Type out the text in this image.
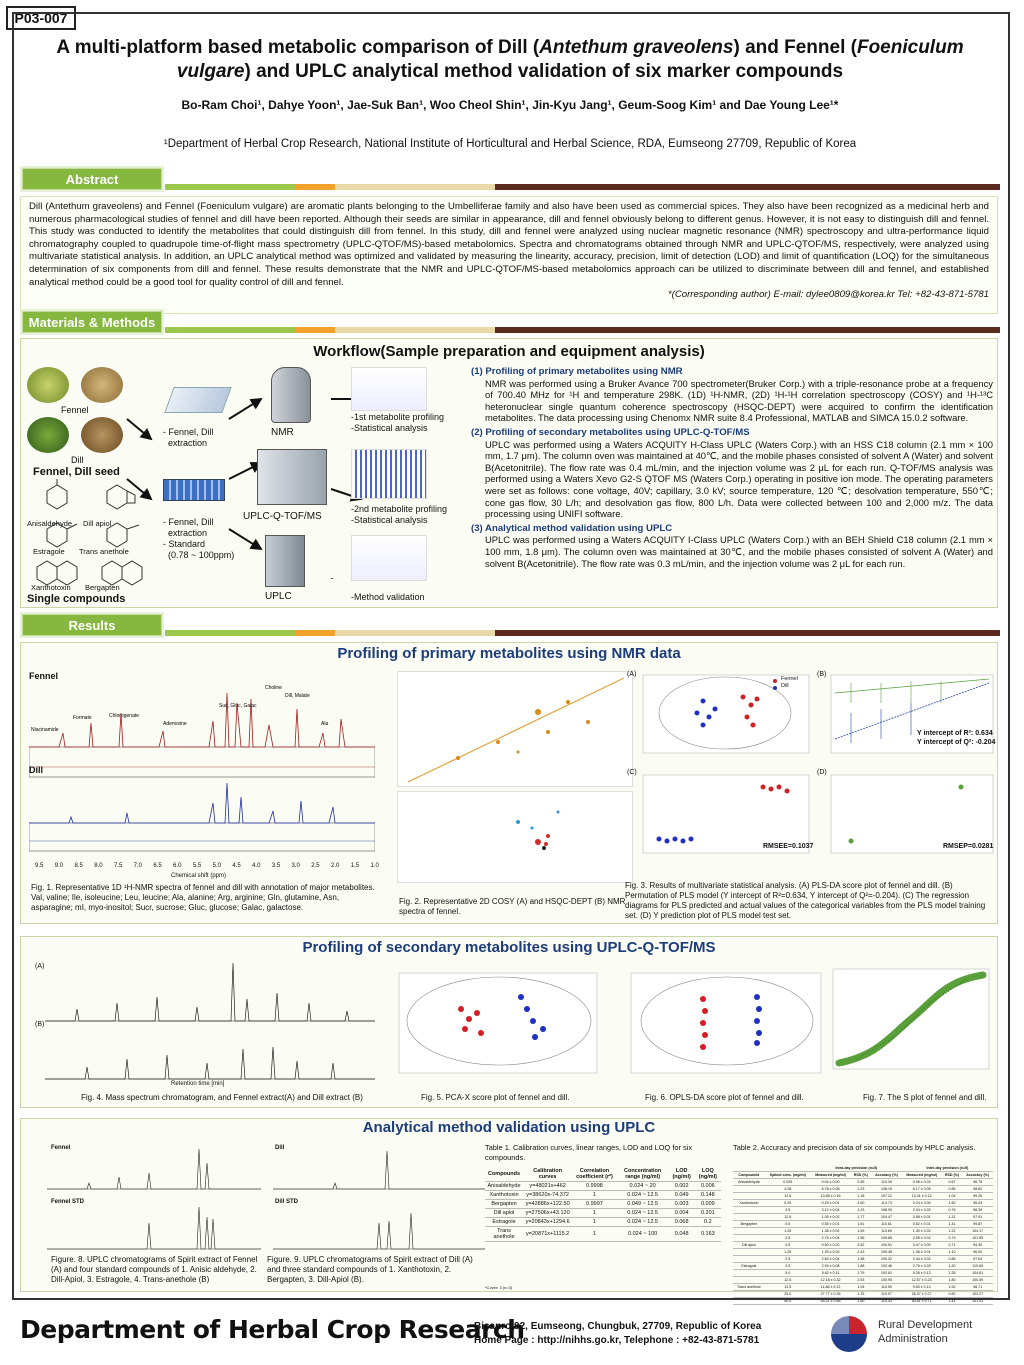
P03-007
A multi-platform based metabolic comparison of Dill (Antethum graveolens) and Fennel (Foeniculum
vulgare) and UPLC analytical method validation of six marker compounds
Bo-Ram Choi¹, Dahye Yoon¹, Jae-Suk Ban¹, Woo Cheol Shin¹, Jin-Kyu Jang¹, Geum-Soog Kim¹ and Dae Young Lee¹*
¹Department of Herbal Crop Research, National Institute of Horticultural and Herbal Science, RDA, Eumseong 27709, Republic of Korea
Abstract

Dill (Antethum graveolens) and Fennel (Foeniculum vulgare) are aromatic plants belonging to the Umbelliferae family and also have been used as commercial spices. They also have been recognized as a medicinal herb and numerous pharmacological studies of fennel and dill have been reported. Although their seeds are similar in appearance, dill and fennel obviously belong to different genus. However, it is not easy to distinguish dill and fennel. This study was conducted to identify the metabolites that could distinguish dill from fennel. In this study, dill and fennel were analyzed using nuclear magnetic resonance (NMR) spectroscopy and ultra-performance liquid chromatography coupled to quadrupole time-of-flight mass spectrometry (UPLC-QTOF/MS)-based metabolomics. Spectra and chromatograms obtained through NMR and UPLC-QTOF/MS, respectively, were analyzed using multivariate statistical analysis. In addition, an UPLC analytical method was optimized and validated by measuring the linearity, accuracy, precision, limit of detection (LOD) and limit of quantification (LOQ) for the simultaneous determination of six components from dill and fennel. These results demonstrate that the NMR and UPLC-QTOF/MS-based metabolomics approach can be utilized to discriminate between dill and fennel, and established analytical method could be a good tool for quality control of dill and fennel.

*(Corresponding author) E-mail: dylee0809@korea.kr Tel: +82-43-871-5781

Materials & Methods
Workflow(Sample preparation and equipment analysis)
Fennel
Dill
Fennel, Dill seed
Anisaldehyde Dill apiol
Estragole Trans anethole
Xanthotoxin Bergapten
Single compounds
- Fennel, Dill
extraction
- Fennel, Dill
extraction
- Standard
(0.78 ~ 100ppm)
NMR
UPLC-Q-TOF/MS
UPLC
-1st metabolite profiling
-Statistical analysis
-2nd metabolite profiling
-Statistical analysis
-Method validation
(1) Profiling of primary metabolites using NMR

NMR was performed using a Bruker Avance 700 spectrometer(Bruker Corp.) with a triple-resonance probe at a frequency of 700.40 MHz for ¹H and temperature 298K. (1D) ¹H-NMR, (2D) ¹H-¹H correlation spectroscopy (COSY) and ¹H-¹³C heteronuclear single quantum coherence spectroscopy (HSQC-DEPT) were acquired to confirm the identification metabolites. The data processing using Chenomx NMR suite 8.4 Professional, MATLAB and SIMCA 15.0.2 software.

(2) Profiling of secondary metabolites using UPLC-Q-TOF/MS

UPLC was performed using a Waters ACQUITY H-Class UPLC (Waters Corp.) with an HSS C18 column (2.1 mm × 100 mm, 1.7 μm). The column oven was maintained at 40℃, and the mobile phases consisted of solvent A (Water) and solvent B(Acetonitrile). The flow rate was 0.4 mL/min, and the injection volume was 2 μL for each run. Q-TOF/MS analysis was performed using a Waters Xevo G2-S QTOF MS (Waters Corp.) operating in positive ion mode. The operating parameters were set as follows: cone voltage, 40V; capillary, 3.0 kV; source temperature, 120 ℃; desolvation temperature, 550℃; cone gas flow, 30 L/h; and desolvation gas flow, 800 L/h. Data were collected between 100 and 2,000 m/z. The data processing using UNIFI software.

(3) Analytical method validation using UPLC

UPLC was performed using a Waters ACQUITY I-Class UPLC (Waters Corp.) with an BEH Shield C18 column (2.1 mm × 100 mm, 1.8 μm). The column oven was maintained at 30℃, and the mobile phases consisted of solvent A (Water) and solvent B(Acetonitrile). The flow rate was 0.3 mL/min, and the injection volume was 2 μL for each run.

Results
Profiling of primary metabolites using NMR data
Fennel
Choline
Suc, Gluc, Galac
Dill, Malate
Formate	Chlorogenate
Adenosine
Niacinamide
Ala
Dill
9.5 9.0 8.5 8.0 7.5 7.0 6.5 6.0 5.5 5.0 4.5 4.0 3.5 3.0 2.5 2.0 1.5 1.0
Chemical shift (ppm)
Fig. 1. Representative 1D ¹H-NMR spectra of fennel and dill with annotation of major metabolites. Val, valine; Ile, isoleucine; Leu, leucine; Ala, alanine; Arg, arginine; Gln, glutamine, Asn, asparagine; mI, myo-inositol; Sucr, sucrose; Gluc, glucose; Galac, galactose.
Fig. 2. Representative 2D COSY (A) and HSQC-DEPT (B) NMR spectra of fennel.
(A)
Fennel
Dill
(B)
Y intercept of R²: 0.634
Y intercept of Q²: -0.204
(C)
RMSEE=0.1037
(D)
RMSEP=0.0281
Fig. 3. Results of multivariate statistical analysis. (A) PLS-DA score plot of fennel and dill. (B) Permutation of PLS model (Y intercept of R²=0.634, Y intercept of Q²=-0.204). (C) The regression diagrams for PLS predicted and actual values of the categorical variables from the PLS model training set. (D) Y prediction plot of PLS model test set.
Profiling of secondary metabolites using UPLC-Q-TOF/MS
(A)
(B)
Retention time [min]
Fig. 4. Mass spectrum chromatogram, and Fennel extract(A) and Dill extract (B)	Fig. 5. PCA-X score plot of fennel and dill.	Fig. 6. OPLS-DA score plot of fennel and dill.	Fig. 7. The S plot of fennel and dill.
Analytical method validation using UPLC
Fennel
Fennel STD
Figure. 8. UPLC chromatograms of Spirit extract of Fennel (A) and four standard compounds of 1. Anisic aldehyde, 2. Dill-Apiol, 3. Estragole, 4. Trans-anethole (B)
Dill
Dill STD
Figure. 9. UPLC chromatograms of Spirit extract of Dill (A) and three standard compounds of 1. Xanthotoxin, 2. Bergapten, 3. Dill-Apiol (B).
Table 1. Calibration curves, linear ranges, LOD and LOQ for six compounds.
Compounds	Calibration curves	Correlation coefficient (r²)	Concentration range (ng/ml)	LOD (ng/ml)	LOQ (ng/ml)
Anisaldehyde	y=48021x+462	0.9998	0.024 ~ 20	0.002	0.006
Xanthotoxin	y=38620x-74.372	1	0.024 ~ 12.5	0.049	0.148
Bergapten	y=42886x+122.50	0.9997	0.049 ~ 12.5	0.003	0.009
Dill apiol	y=27506x+43.120	1	0.024 ~ 12.5	0.004	0.201
Estragole	y=20843x+1294.6	1	0.024 ~ 12.5	0.068	0.2
Trans anethole	y=20871x+1115.2	1	0.024 ~ 100	0.048	0.163
*Cover: 3 (n=3)
Table 2. Accuracy and precision data of six compounds by HPLC analysis.
		Intra-day precision (n=5)			Inter-day precision (n=5)		
Compounds	Spiked conc. (mg/ml)	Measured (mg/ml)	RSD (%)	Accuracy (%)	Measured (mg/ml)	RSD (%)	Accuracy (%)
Anisaldehyde	0.025	0.04 ± 0.00	2.55	119.39	0.96 ± 0.02	0.67	96.75
	4.28	6.78 ± 0.08	1.23	108.19	6.17 ± 0.05	0.85	98.60
	12.5	13.68 ± 0.16	1.18	107.22	13.41 ± 0.12	1.04	99.25
Xanthotoxin	0.25	0.29 ± 0.01	4.60	113.73	0.24 ± 0.00	1.82	95.43
	2.5	3.12 ± 0.04	1.23	108.00	2.44 ± 0.02	0.76	98.39
	12.5	1.05 ± 0.02	1.77	104.47	0.58 ± 0.01	1.31	97.91
Bergapten	0.5	0.55 ± 0.01	1.61	110.61	0.52 ± 0.01	1.41	99.87
	1.25	1.38 ± 0.02	1.59	110.69	1.30 ± 0.02	1.22	104.17
	2.5	2.75 ± 0.04	1.56	109.85	2.55 ± 0.02	0.79	101.95
Dill apiol	0.5	0.50 ± 0.02	3.52	100.51	0.47 ± 0.00	0.71	94.39
	1.25	1.39 ± 0.03	2.43	109.48	1.36 ± 0.01	1.10	96.00
	2.5	2.63 ± 0.04	1.58	105.32	2.44 ± 0.02	0.86	97.63
Estragole	2.5	2.94 ± 0.08	1.88	102.46	2.76 ± 0.03	1.20	110.69
	5.0	5.62 ± 0.11	1.79	102.81	5.35 ± 0.13	2.35	104.61
	12.5	12.18 ± 0.32	2.53	100.95	12.57 ± 0.23	1.80	100.59
Trans anethole	12.5	11.88 ± 0.12	1.04	110.90	9.83 ± 0.13	1.52	98.71
	25.0	27.77 ± 0.35	1.25	119.07	26.07 ± 0.27	0.82	103.27
	50.0	55.21 ± 0.68	1.60	110.43	50.51 ± 0.71	1.41	101.03
Department of Herbal Crop Research
Bisanro 92, Eumseong, Chungbuk, 27709, Republic of Korea
Home Page : http://nihhs.go.kr, Telephone : +82-43-871-5781
Rural Development
Administration
